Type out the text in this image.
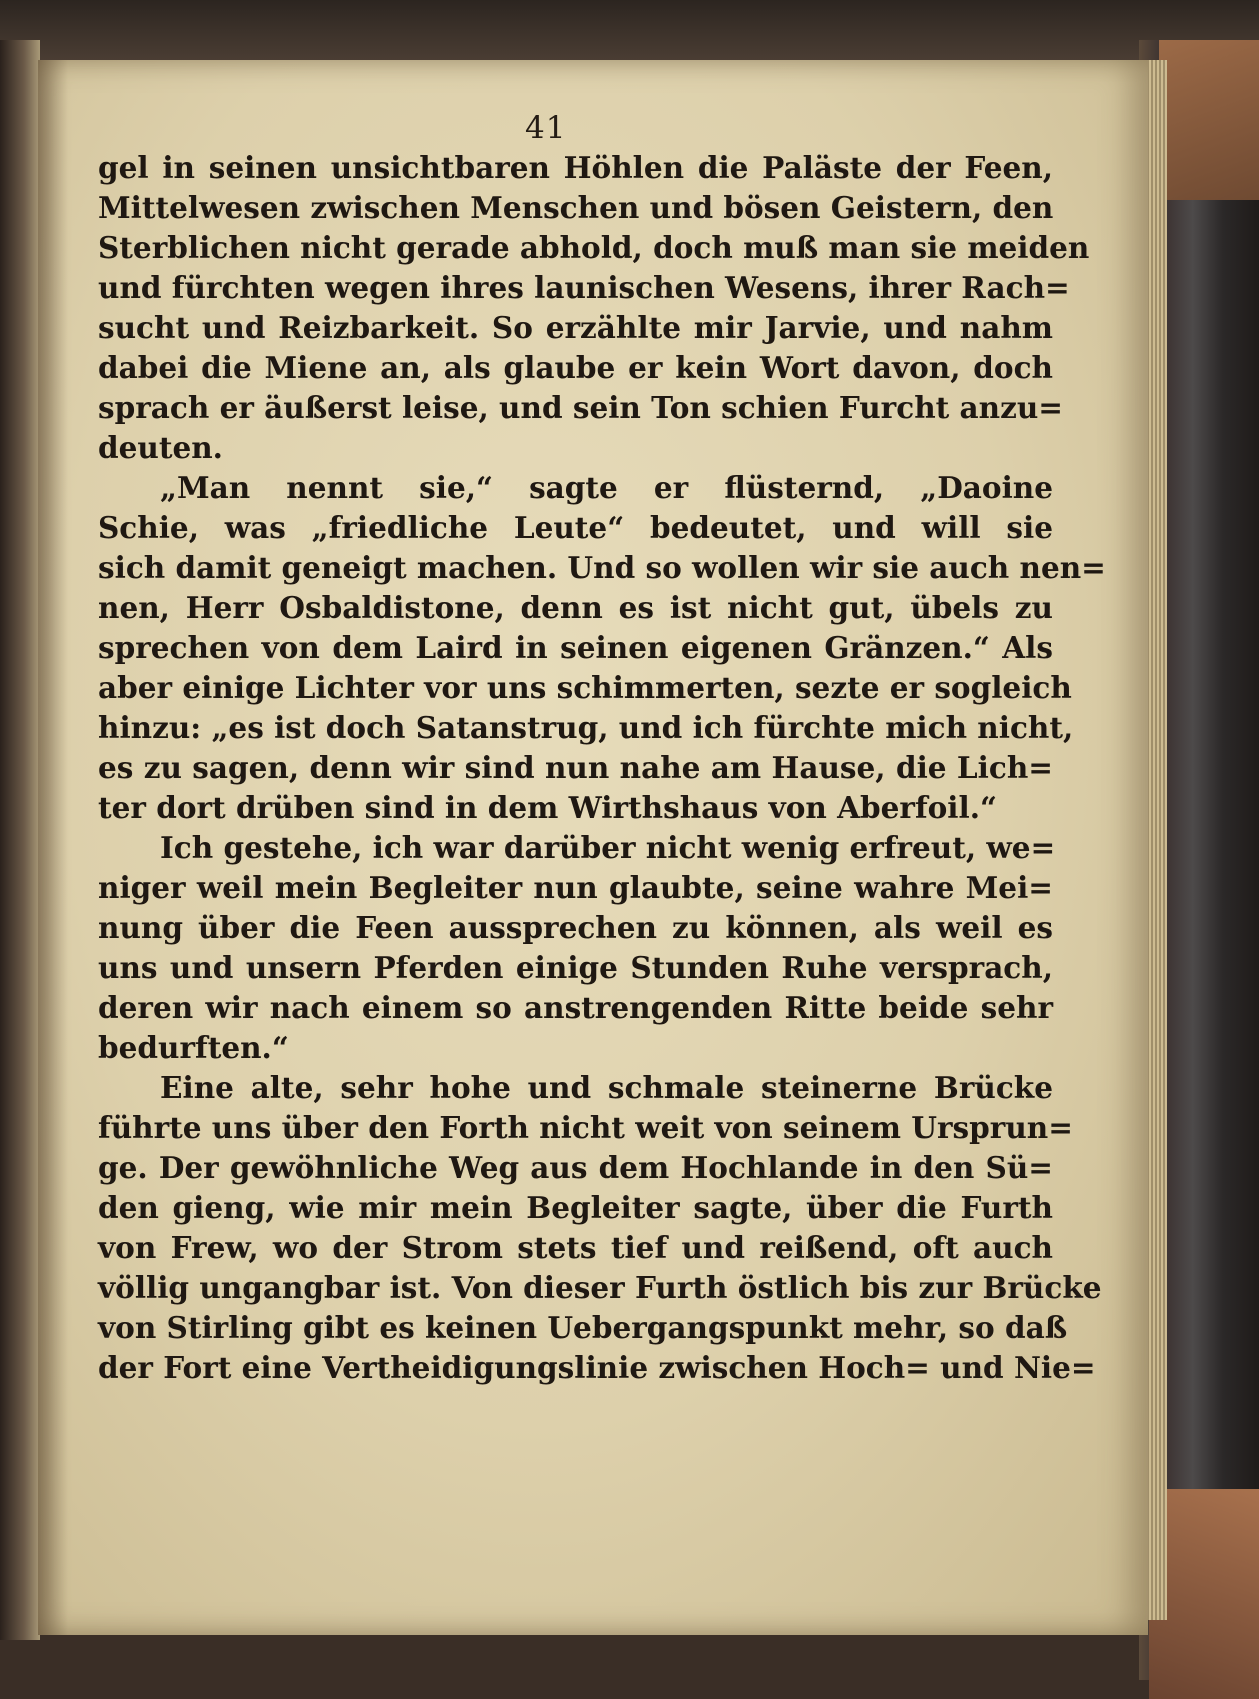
41
gel in seinen unsichtbaren Höhlen die Paläste der Feen,
Mittelwesen zwischen Menschen und bösen Geistern, den
Sterblichen nicht gerade abhold, doch muß man sie meiden
und fürchten wegen ihres launischen Wesens, ihrer Rach=
sucht und Reizbarkeit. So erzählte mir Jarvie, und nahm
dabei die Miene an, als glaube er kein Wort davon, doch
sprach er äußerst leise, und sein Ton schien Furcht anzu=
deuten.
„Man nennt sie,“ sagte er flüsternd, „Daoine
Schie, was „friedliche Leute“ bedeutet, und will sie
sich damit geneigt machen. Und so wollen wir sie auch nen=
nen, Herr Osbaldistone, denn es ist nicht gut, übels zu
sprechen von dem Laird in seinen eigenen Gränzen.“ Als
aber einige Lichter vor uns schimmerten, sezte er sogleich
hinzu: „es ist doch Satanstrug, und ich fürchte mich nicht,
es zu sagen, denn wir sind nun nahe am Hause, die Lich=
ter dort drüben sind in dem Wirthshaus von Aberfoil.“
Ich gestehe, ich war darüber nicht wenig erfreut, we=
niger weil mein Begleiter nun glaubte, seine wahre Mei=
nung über die Feen aussprechen zu können, als weil es
uns und unsern Pferden einige Stunden Ruhe versprach,
deren wir nach einem so anstrengenden Ritte beide sehr
bedurften.“
Eine alte, sehr hohe und schmale steinerne Brücke
führte uns über den Forth nicht weit von seinem Ursprun=
ge. Der gewöhnliche Weg aus dem Hochlande in den Sü=
den gieng, wie mir mein Begleiter sagte, über die Furth
von Frew, wo der Strom stets tief und reißend, oft auch
völlig ungangbar ist. Von dieser Furth östlich bis zur Brücke
von Stirling gibt es keinen Uebergangspunkt mehr, so daß
der Fort eine Vertheidigungslinie zwischen Hoch= und Nie=
